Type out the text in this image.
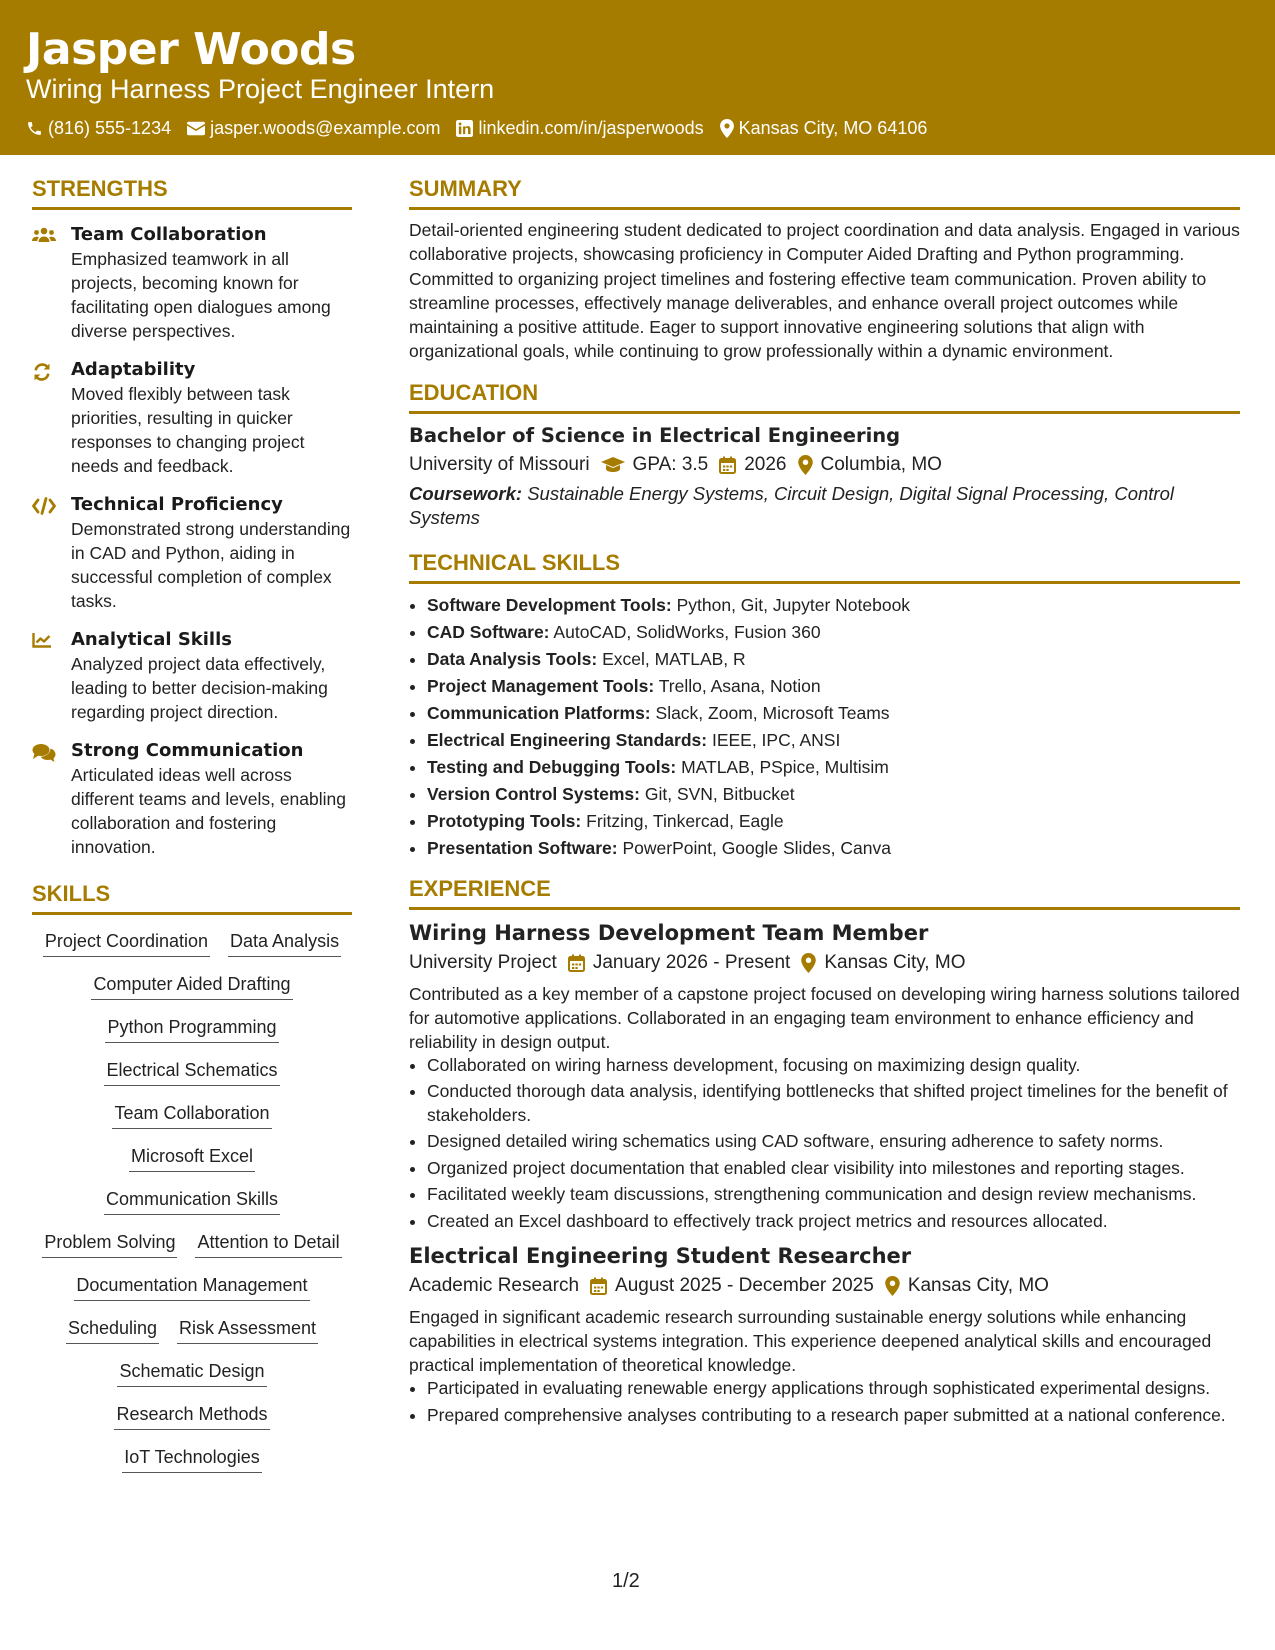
Jasper Woods
Wiring Harness Project Engineer Intern
(816) 555-1234 jasper.woods@example.com linkedin.com/in/jasperwoods Kansas City, MO 64106
STRENGTHS
Team Collaboration
Emphasized teamwork in all projects, becoming known for facilitating open dialogues among diverse perspectives.
Adaptability
Moved flexibly between task priorities, resulting in quicker responses to changing project needs and feedback.
Technical Proficiency
Demonstrated strong understanding in CAD and Python, aiding in successful completion of complex tasks.
Analytical Skills
Analyzed project data effectively, leading to better decision-making regarding project direction.
Strong Communication
Articulated ideas well across different teams and levels, enabling collaboration and fostering innovation.
SKILLS
Project Coordination Data Analysis
Computer Aided Drafting
Python Programming
Electrical Schematics
Team Collaboration
Microsoft Excel
Communication Skills
Problem Solving Attention to Detail
Documentation Management
Scheduling Risk Assessment
Schematic Design
Research Methods
IoT Technologies
SUMMARY
Detail-oriented engineering student dedicated to project coordination and data analysis. Engaged in various collaborative projects, showcasing proficiency in Computer Aided Drafting and Python programming. Committed to organizing project timelines and fostering effective team communication. Proven ability to streamline processes, effectively manage deliverables, and enhance overall project outcomes while maintaining a positive attitude. Eager to support innovative engineering solutions that align with organizational goals, while continuing to grow professionally within a dynamic environment.
EDUCATION
Bachelor of Science in Electrical Engineering
University of Missouri GPA: 3.5 2026 Columbia, MO
Coursework: Sustainable Energy Systems, Circuit Design, Digital Signal Processing, Control Systems
TECHNICAL SKILLS
• Software Development Tools: Python, Git, Jupyter Notebook
• CAD Software: AutoCAD, SolidWorks, Fusion 360
• Data Analysis Tools: Excel, MATLAB, R
• Project Management Tools: Trello, Asana, Notion
• Communication Platforms: Slack, Zoom, Microsoft Teams
• Electrical Engineering Standards: IEEE, IPC, ANSI
• Testing and Debugging Tools: MATLAB, PSpice, Multisim
• Version Control Systems: Git, SVN, Bitbucket
• Prototyping Tools: Fritzing, Tinkercad, Eagle
• Presentation Software: PowerPoint, Google Slides, Canva
EXPERIENCE
Wiring Harness Development Team Member
University Project January 2026 - Present Kansas City, MO
Contributed as a key member of a capstone project focused on developing wiring harness solutions tailored for automotive applications. Collaborated in an engaging team environment to enhance efficiency and reliability in design output.
• Collaborated on wiring harness development, focusing on maximizing design quality.
• Conducted thorough data analysis, identifying bottlenecks that shifted project timelines for the benefit of stakeholders.
• Designed detailed wiring schematics using CAD software, ensuring adherence to safety norms.
• Organized project documentation that enabled clear visibility into milestones and reporting stages.
• Facilitated weekly team discussions, strengthening communication and design review mechanisms.
• Created an Excel dashboard to effectively track project metrics and resources allocated.
Electrical Engineering Student Researcher
Academic Research August 2025 - December 2025 Kansas City, MO
Engaged in significant academic research surrounding sustainable energy solutions while enhancing capabilities in electrical systems integration. This experience deepened analytical skills and encouraged practical implementation of theoretical knowledge.
• Participated in evaluating renewable energy applications through sophisticated experimental designs.
• Prepared comprehensive analyses contributing to a research paper submitted at a national conference.
1/2
